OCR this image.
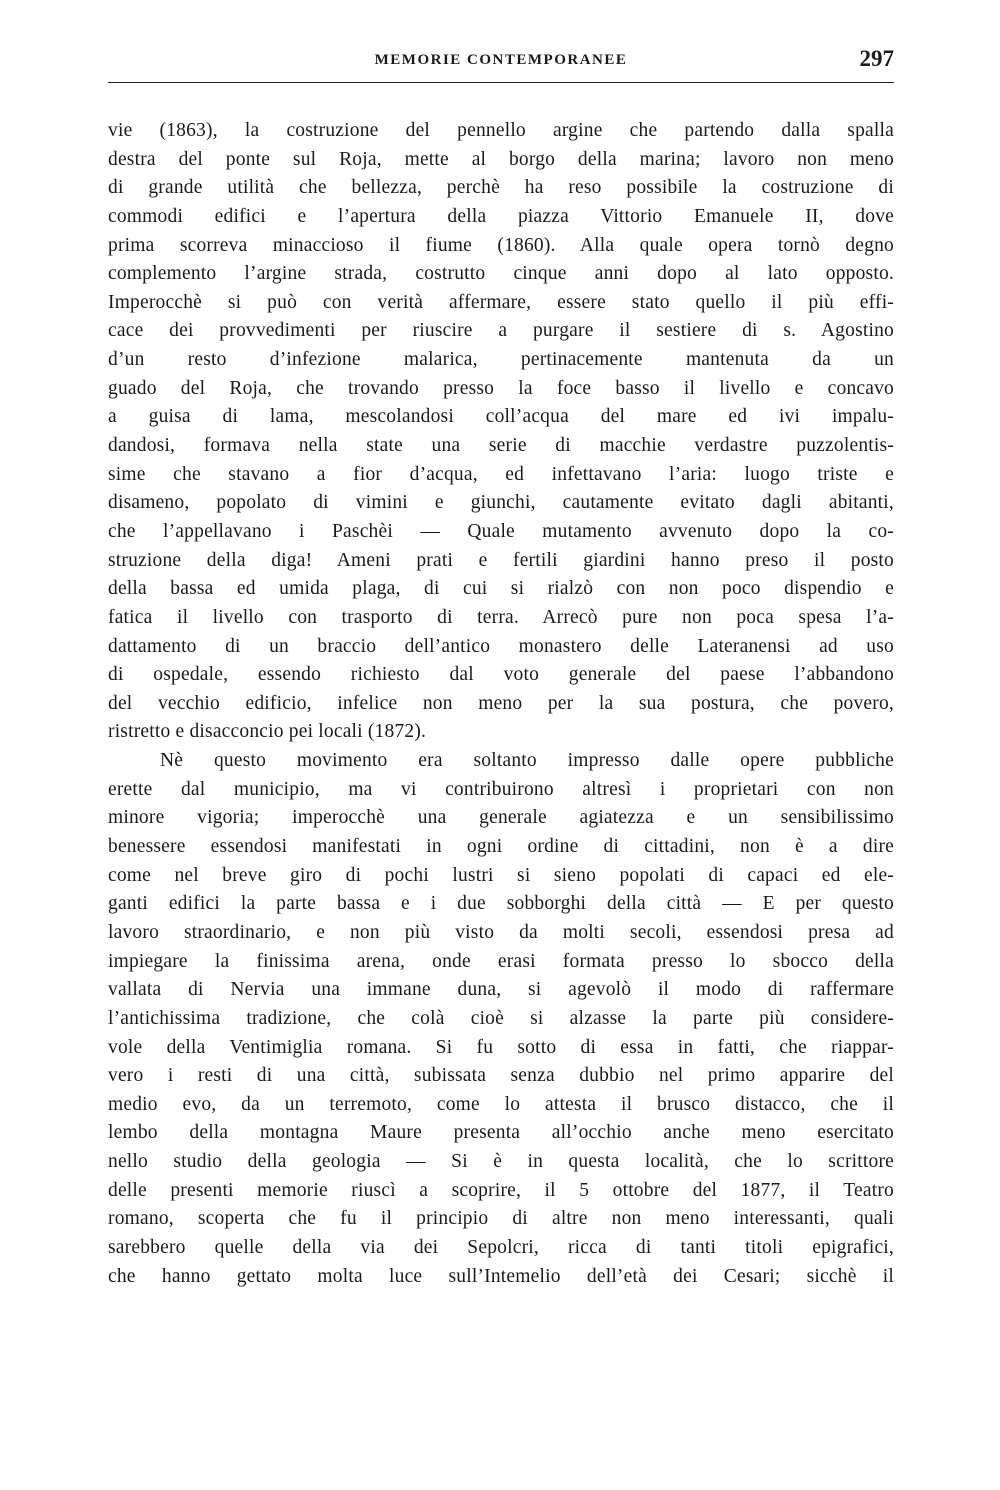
MEMORIE CONTEMPORANEE	297
vie (1863), la costruzione del pennello argine che partendo dalla spalla
destra del ponte sul Roja, mette al borgo della marina; lavoro non meno
di grande utilità che bellezza, perchè ha reso possibile la costruzione di
commodi edifici e l’apertura della piazza Vittorio Emanuele II, dove
prima scorreva minaccioso il fiume (1860). Alla quale opera tornò degno
complemento l’argine strada, costrutto cinque anni dopo al lato opposto.
Imperocchè si può con verità affermare, essere stato quello il più effi-
cace dei provvedimenti per riuscire a purgare il sestiere di s. Agostino
d’un resto d’infezione malarica, pertinacemente mantenuta da un
guado del Roja, che trovando presso la foce basso il livello e concavo
a guisa di lama, mescolandosi coll’acqua del mare ed ivi impalu-
dandosi, formava nella state una serie di macchie verdastre puzzolentis-
sime che stavano a fior d’acqua, ed infettavano l’aria: luogo triste e
disameno, popolato di vimini e giunchi, cautamente evitato dagli abitanti,
che l’appellavano i Paschèi — Quale mutamento avvenuto dopo la co-
struzione della diga! Ameni prati e fertili giardini hanno preso il posto
della bassa ed umida plaga, di cui si rialzò con non poco dispendio e
fatica il livello con trasporto di terra. Arrecò pure non poca spesa l’a-
dattamento di un braccio dell’antico monastero delle Lateranensi ad uso
di ospedale, essendo richiesto dal voto generale del paese l’abbandono
del vecchio edificio, infelice non meno per la sua postura, che povero,
ristretto e disacconcio pei locali (1872).
Nè questo movimento era soltanto impresso dalle opere pubbliche
erette dal municipio, ma vi contribuirono altresì i proprietari con non
minore vigoria; imperocchè una generale agiatezza e un sensibilissimo
benessere essendosi manifestati in ogni ordine di cittadini, non è a dire
come nel breve giro di pochi lustri si sieno popolati di capaci ed ele-
ganti edifici la parte bassa e i due sobborghi della città — E per questo
lavoro straordinario, e non più visto da molti secoli, essendosi presa ad
impiegare la finissima arena, onde erasi formata presso lo sbocco della
vallata di Nervia una immane duna, si agevolò il modo di raffermare
l’antichissima tradizione, che colà cioè si alzasse la parte più considere-
vole della Ventimiglia romana. Si fu sotto di essa in fatti, che riappar-
vero i resti di una città, subissata senza dubbio nel primo apparire del
medio evo, da un terremoto, come lo attesta il brusco distacco, che il
lembo della montagna Maure presenta all’occhio anche meno esercitato
nello studio della geologia — Si è in questa località, che lo scrittore
delle presenti memorie riuscì a scoprire, il 5 ottobre del 1877, il Teatro
romano, scoperta che fu il principio di altre non meno interessanti, quali
sarebbero quelle della via dei Sepolcri, ricca di tanti titoli epigrafici,
che hanno gettato molta luce sull’Intemelio dell’età dei Cesari; sicchè il
